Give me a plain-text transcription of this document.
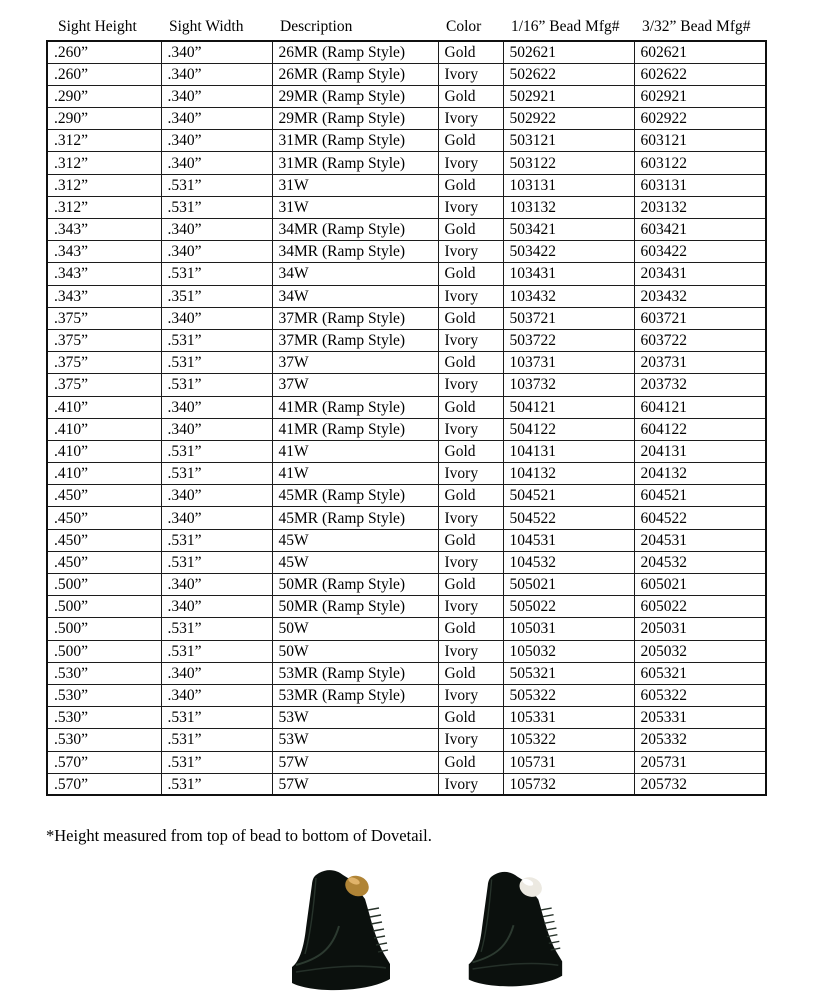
Sight Height	Sight Width	Description	Color	1/16” Bead Mfg#	3/32” Bead Mfg#
.260”	.340”	26MR (Ramp Style)	Gold	502621	602621
.260”	.340”	26MR (Ramp Style)	Ivory	502622	602622
.290”	.340”	29MR (Ramp Style)	Gold	502921	602921
.290”	.340”	29MR (Ramp Style)	Ivory	502922	602922
.312”	.340”	31MR (Ramp Style)	Gold	503121	603121
.312”	.340”	31MR (Ramp Style)	Ivory	503122	603122
.312”	.531”	31W	Gold	103131	603131
.312”	.531”	31W	Ivory	103132	203132
.343”	.340”	34MR (Ramp Style)	Gold	503421	603421
.343”	.340”	34MR (Ramp Style)	Ivory	503422	603422
.343”	.531”	34W	Gold	103431	203431
.343”	.351”	34W	Ivory	103432	203432
.375”	.340”	37MR (Ramp Style)	Gold	503721	603721
.375”	.531”	37MR (Ramp Style)	Ivory	503722	603722
.375”	.531”	37W	Gold	103731	203731
.375”	.531”	37W	Ivory	103732	203732
.410”	.340”	41MR (Ramp Style)	Gold	504121	604121
.410”	.340”	41MR (Ramp Style)	Ivory	504122	604122
.410”	.531”	41W	Gold	104131	204131
.410”	.531”	41W	Ivory	104132	204132
.450”	.340”	45MR (Ramp Style)	Gold	504521	604521
.450”	.340”	45MR (Ramp Style)	Ivory	504522	604522
.450”	.531”	45W	Gold	104531	204531
.450”	.531”	45W	Ivory	104532	204532
.500”	.340”	50MR (Ramp Style)	Gold	505021	605021
.500”	.340”	50MR (Ramp Style)	Ivory	505022	605022
.500”	.531”	50W	Gold	105031	205031
.500”	.531”	50W	Ivory	105032	205032
.530”	.340”	53MR (Ramp Style)	Gold	505321	605321
.530”	.340”	53MR (Ramp Style)	Ivory	505322	605322
.530”	.531”	53W	Gold	105331	205331
.530”	.531”	53W	Ivory	105322	205332
.570”	.531”	57W	Gold	105731	205731
.570”	.531”	57W	Ivory	105732	205732

*Height measured from top of bead to bottom of Dovetail.
